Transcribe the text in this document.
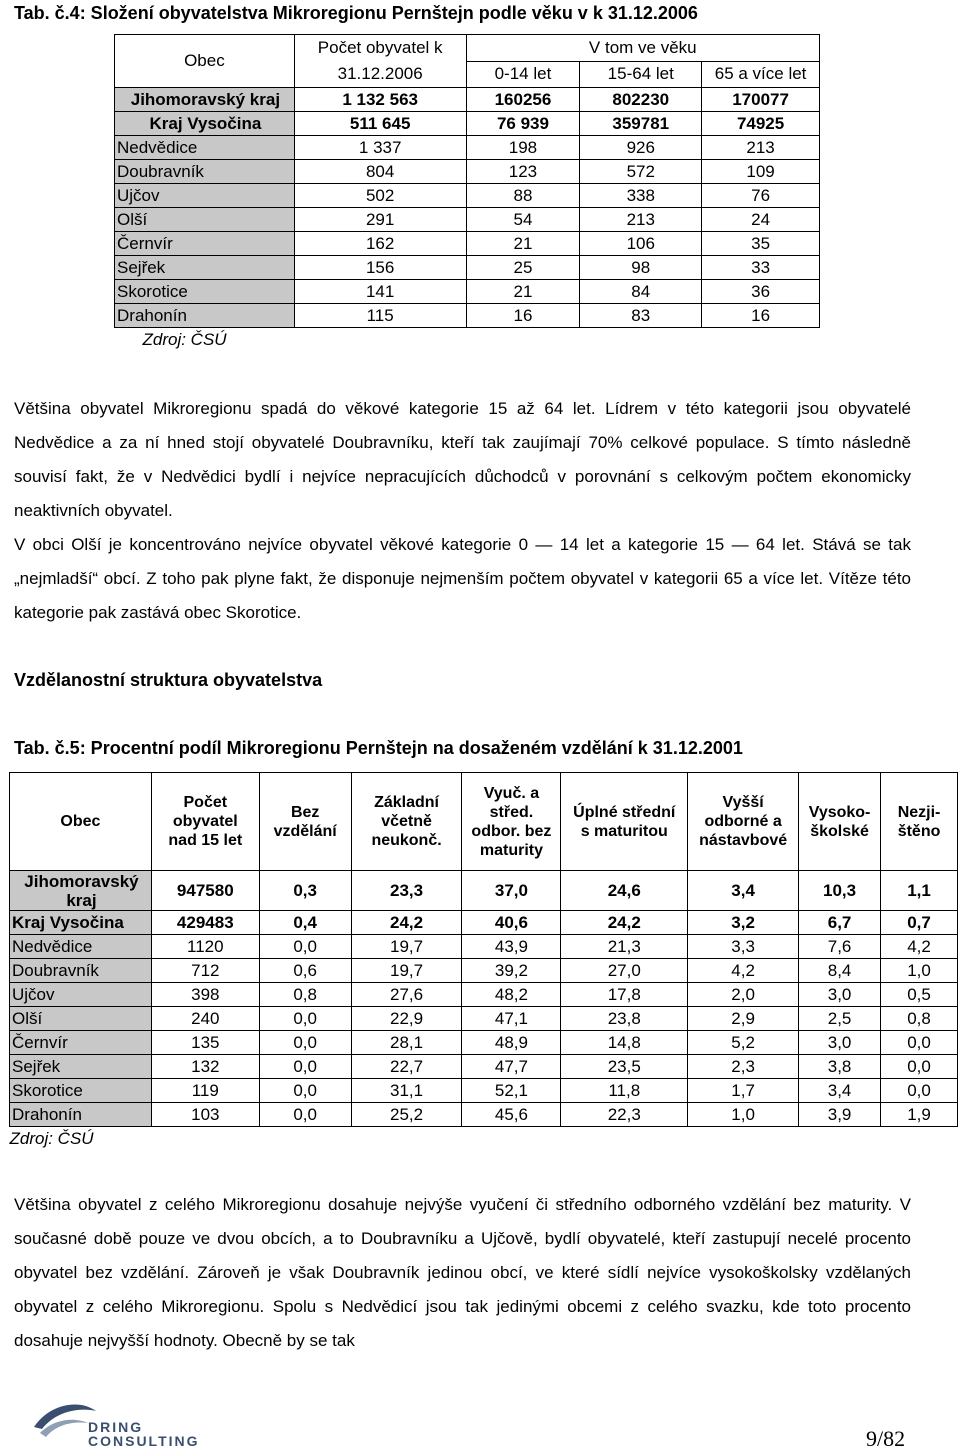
Tab. č.4: Složení obyvatelstva Mikroregionu Pernštejn podle věku v k 31.12.2006
Obec	Počet obyvatel k 31.12.2006	V tom ve věku		
		0-14 let	15-64 let	65 a více let
Jihomoravský kraj	1 132 563	160256	802230	170077
Kraj Vysočina	511 645	76 939	359781	74925
Nedvědice	1 337	198	926	213
Doubravník	804	123	572	109
Ujčov	502	88	338	76
Olší	291	54	213	24
Černvír	162	21	106	35
Sejřek	156	25	98	33
Skorotice	141	21	84	36
Drahonín	115	16	83	16
Zdroj: ČSÚ				

Většina obyvatel Mikroregionu spadá do věkové kategorie 15 až 64 let. Lídrem v této kategorii jsou obyvatelé Nedvědice a za ní hned stojí obyvatelé Doubravníku, kteří tak zaujímají 70% celkové populace. S tímto následně souvisí fakt, že v Nedvědici bydlí i nejvíce nepracujících důchodců v porovnání s celkovým počtem ekonomicky neaktivních obyvatel.

V obci Olší je koncentrováno nejvíce obyvatel věkové kategorie 0 — 14 let a kategorie 15 — 64 let. Stává se tak „nejmladší“ obcí. Z toho pak plyne fakt, že disponuje nejmenším počtem obyvatel v kategorii 65 a více let. Vítěze této kategorie pak zastává obec Skorotice.

Vzdělanostní struktura obyvatelstva
Tab. č.5: Procentní podíl Mikroregionu Pernštejn na dosaženém vzdělání k 31.12.2001
Obec	Počet obyvatel nad 15 let	Bez vzdělání	Základní včetně neukonč.	Vyuč. a střed. odbor. bez maturity	Úplné střední s maturitou	Vyšší odborné a nástavbové	Vysoko-školské	Nezji-štěno
Jihomoravský kraj	947580	0,3	23,3	37,0	24,6	3,4	10,3	1,1
Kraj Vysočina	429483	0,4	24,2	40,6	24,2	3,2	6,7	0,7
Nedvědice	1120	0,0	19,7	43,9	21,3	3,3	7,6	4,2
Doubravník	712	0,6	19,7	39,2	27,0	4,2	8,4	1,0
Ujčov	398	0,8	27,6	48,2	17,8	2,0	3,0	0,5
Olší	240	0,0	22,9	47,1	23,8	2,9	2,5	0,8
Černvír	135	0,0	28,1	48,9	14,8	5,2	3,0	0,0
Sejřek	132	0,0	22,7	47,7	23,5	2,3	3,8	0,0
Skorotice	119	0,0	31,1	52,1	11,8	1,7	3,4	0,0
Drahonín	103	0,0	25,2	45,6	22,3	1,0	3,9	1,9
Zdroj: ČSÚ								

Většina obyvatel z celého Mikroregionu dosahuje nejvýše vyučení či středního odborného vzdělání bez maturity. V současné době pouze ve dvou obcích, a to Doubravníku a Ujčově, bydlí obyvatelé, kteří zastupují necelé procento obyvatel bez vzdělání. Zároveň je však Doubravník jedinou obcí, ve které sídlí nejvíce vysokoškolsky vzdělaných obyvatel z celého Mikroregionu. Spolu s Nedvědicí jsou tak jedinými obcemi z celého svazku, kde toto procento dosahuje nejvyšší hodnoty. Obecně by se tak

DRING
CONSULTING	9/82
